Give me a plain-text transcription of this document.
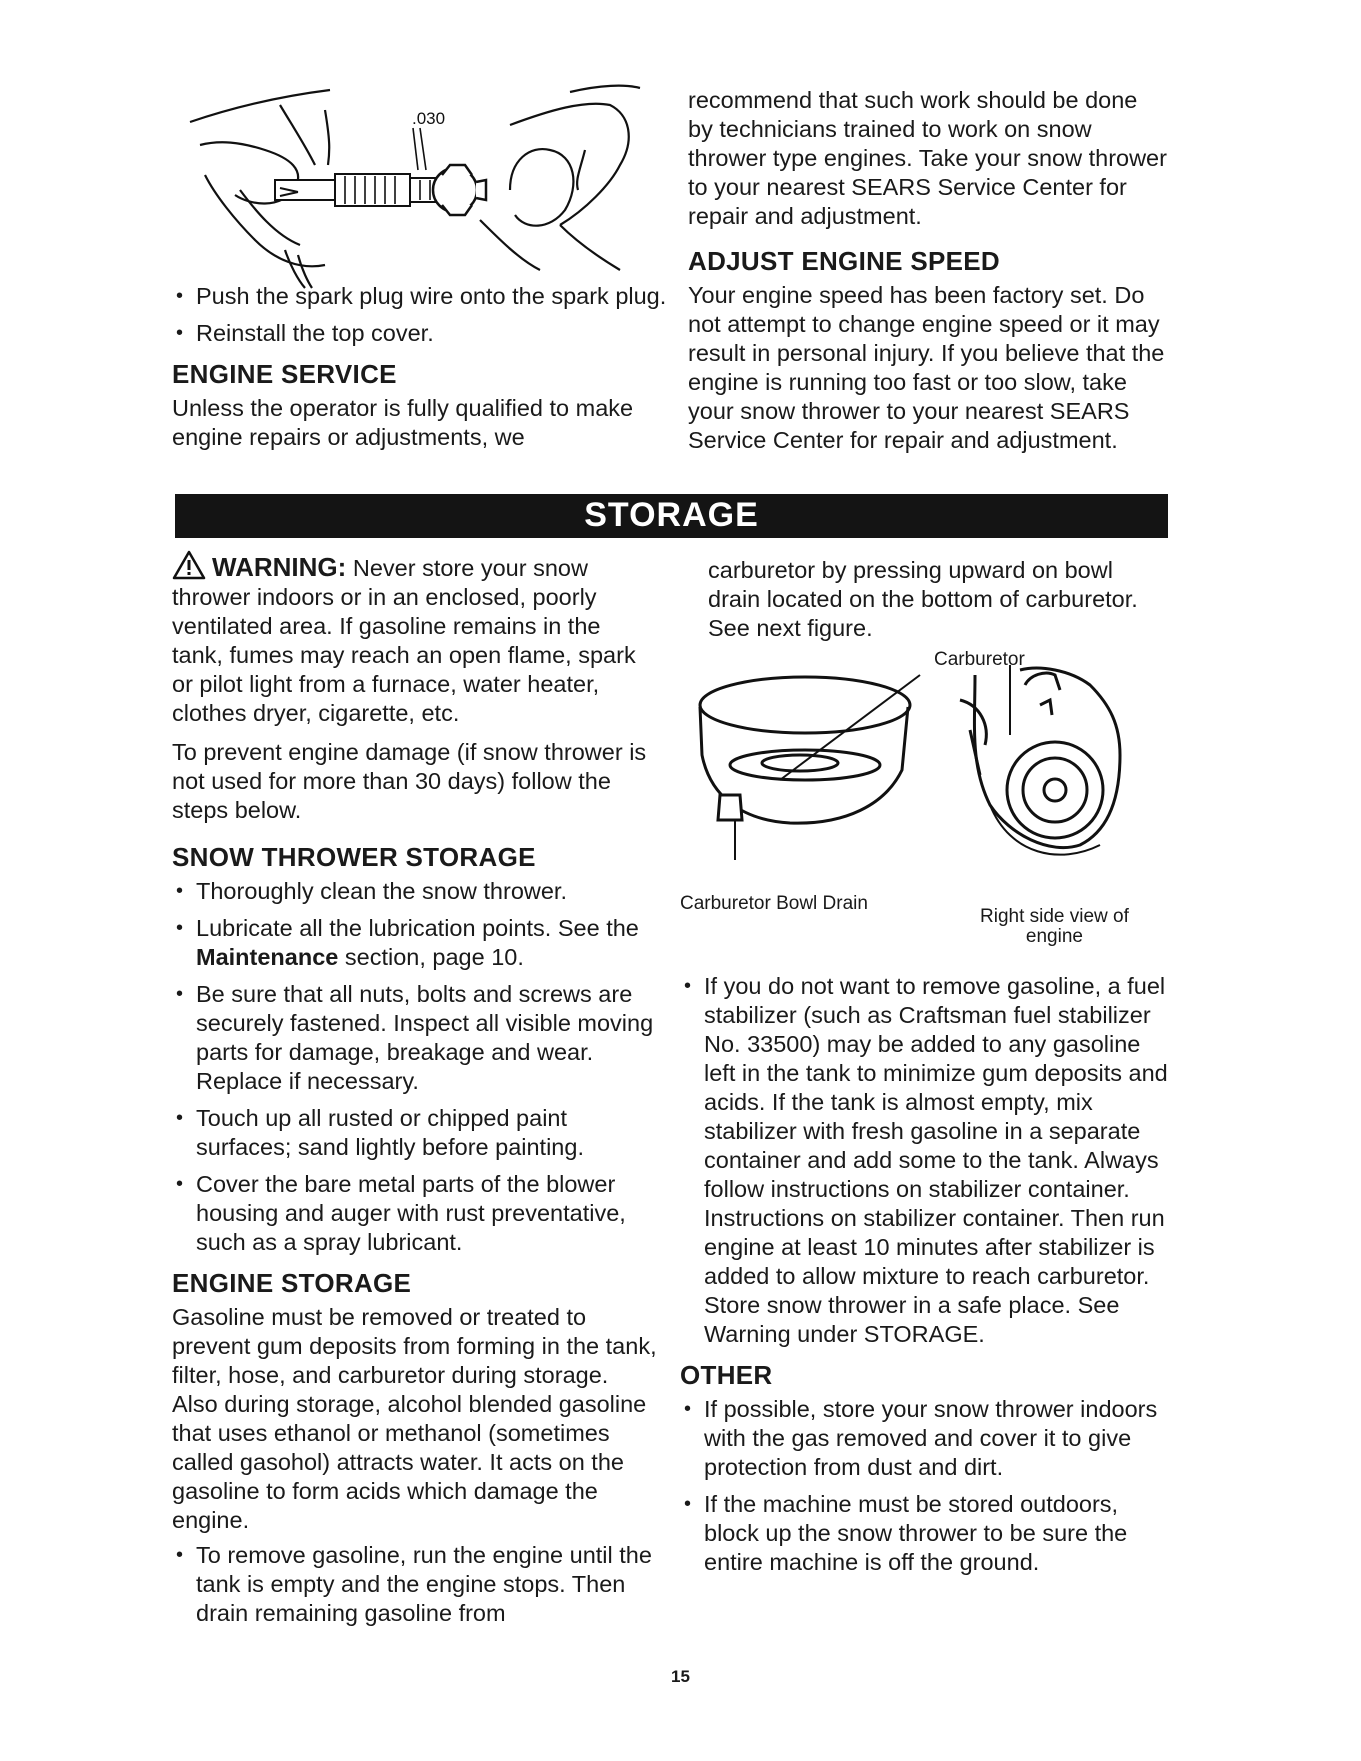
.030
• Push the spark plug wire onto the spark plug.
• Reinstall the top cover.
ENGINE SERVICE

Unless the operator is fully qualified to make engine repairs or adjustments, we

recommend that such work should be done by technicians trained to work on snow thrower type engines. Take your snow thrower to your nearest SEARS Service Center for repair and adjustment.

ADJUST ENGINE SPEED

Your engine speed has been factory set. Do not attempt to change engine speed or it may result in personal injury. If you believe that the engine is running too fast or too slow, take your snow thrower to your nearest SEARS Service Center for repair and adjustment.

STORAGE

WARNING: Never store your snow thrower indoors or in an enclosed, poorly ventilated area. If gasoline remains in the tank, fumes may reach an open flame, spark or pilot light from a furnace, water heater, clothes dryer, cigarette, etc.

To prevent engine damage (if snow thrower is not used for more than 30 days) follow the steps below.

SNOW THROWER STORAGE
• Thoroughly clean the snow thrower.
• Lubricate all the lubrication points. See the Maintenance section, page 10.
• Be sure that all nuts, bolts and screws are securely fastened. Inspect all visible moving parts for damage, breakage and wear. Replace if necessary.
• Touch up all rusted or chipped paint surfaces; sand lightly before painting.
• Cover the bare metal parts of the blower housing and auger with rust preventative, such as a spray lubricant.
ENGINE STORAGE

Gasoline must be removed or treated to prevent gum deposits from forming in the tank, filter, hose, and carburetor during storage. Also during storage, alcohol blended gasoline that uses ethanol or methanol (sometimes called gasohol) attracts water. It acts on the gasoline to form acids which damage the engine.

• To remove gasoline, run the engine until the tank is empty and the engine stops. Then drain remaining gasoline from

carburetor by pressing upward on bowl drain located on the bottom of carburetor. See next figure.

Carburetor
Carburetor Bowl Drain
Right side view of
engine
• If you do not want to remove gasoline, a fuel stabilizer (such as Craftsman fuel stabilizer No. 33500) may be added to any gasoline left in the tank to minimize gum deposits and acids. If the tank is almost empty, mix stabilizer with fresh gasoline in a separate container and add some to the tank. Always follow instructions on stabilizer container. Instructions on stabilizer container. Then run engine at least 10 minutes after stabilizer is added to allow mixture to reach carburetor. Store snow thrower in a safe place. See Warning under STORAGE.
OTHER
• If possible, store your snow thrower indoors with the gas removed and cover it to give protection from dust and dirt.
• If the machine must be stored outdoors, block up the snow thrower to be sure the entire machine is off the ground.
15
